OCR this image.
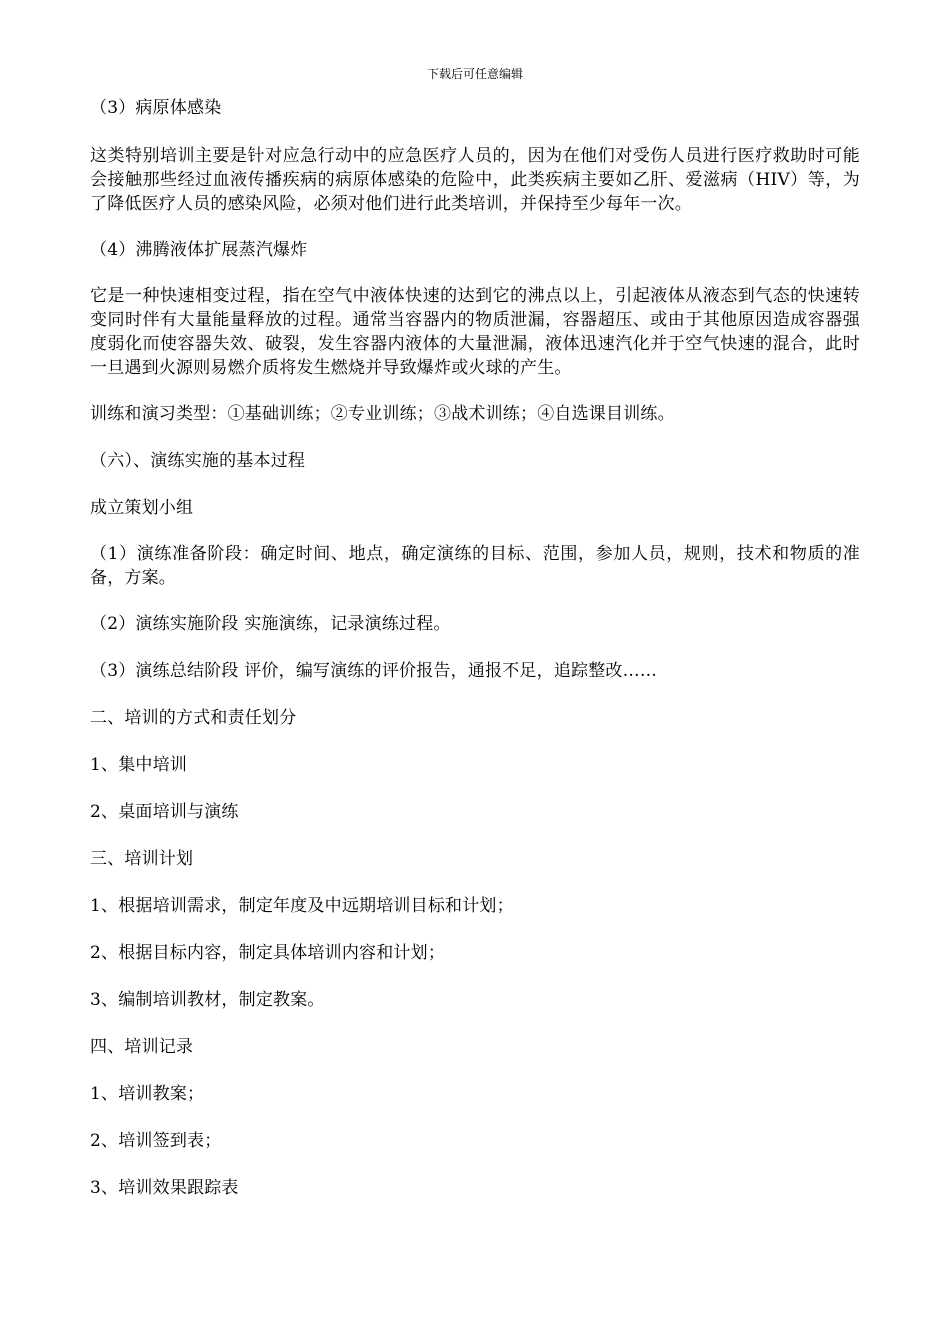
下载后可任意编辑

（3）病原体感染

这类特别培训主要是针对应急行动中的应急医疗人员的，因为在他们对受伤人员进行医疗救助时可能会接触那些经过血液传播疾病的病原体感染的危险中，此类疾病主要如乙肝、爱滋病（HIV）等，为了降低医疗人员的感染风险，必须对他们进行此类培训，并保持至少每年一次。

（4）沸腾液体扩展蒸汽爆炸

它是一种快速相变过程，指在空气中液体快速的达到它的沸点以上，引起液体从液态到气态的快速转变同时伴有大量能量释放的过程。通常当容器内的物质泄漏，容器超压、或由于其他原因造成容器强度弱化而使容器失效、破裂，发生容器内液体的大量泄漏，液体迅速汽化并于空气快速的混合，此时一旦遇到火源则易燃介质将发生燃烧并导致爆炸或火球的产生。

训练和演习类型：①基础训练；②专业训练；③战术训练；④自选课目训练。

（六）、演练实施的基本过程

成立策划小组

（1）演练准备阶段：确定时间、地点，确定演练的目标、范围，参加人员，规则，技术和物质的准备，方案。

（2）演练实施阶段 实施演练，记录演练过程。

（3）演练总结阶段 评价，编写演练的评价报告，通报不足，追踪整改……

二、培训的方式和责任划分

1、集中培训

2、桌面培训与演练

三、培训计划

1、根据培训需求，制定年度及中远期培训目标和计划；

2、根据目标内容，制定具体培训内容和计划；

3、编制培训教材，制定教案。

四、培训记录

1、培训教案；

2、培训签到表；

3、培训效果跟踪表
